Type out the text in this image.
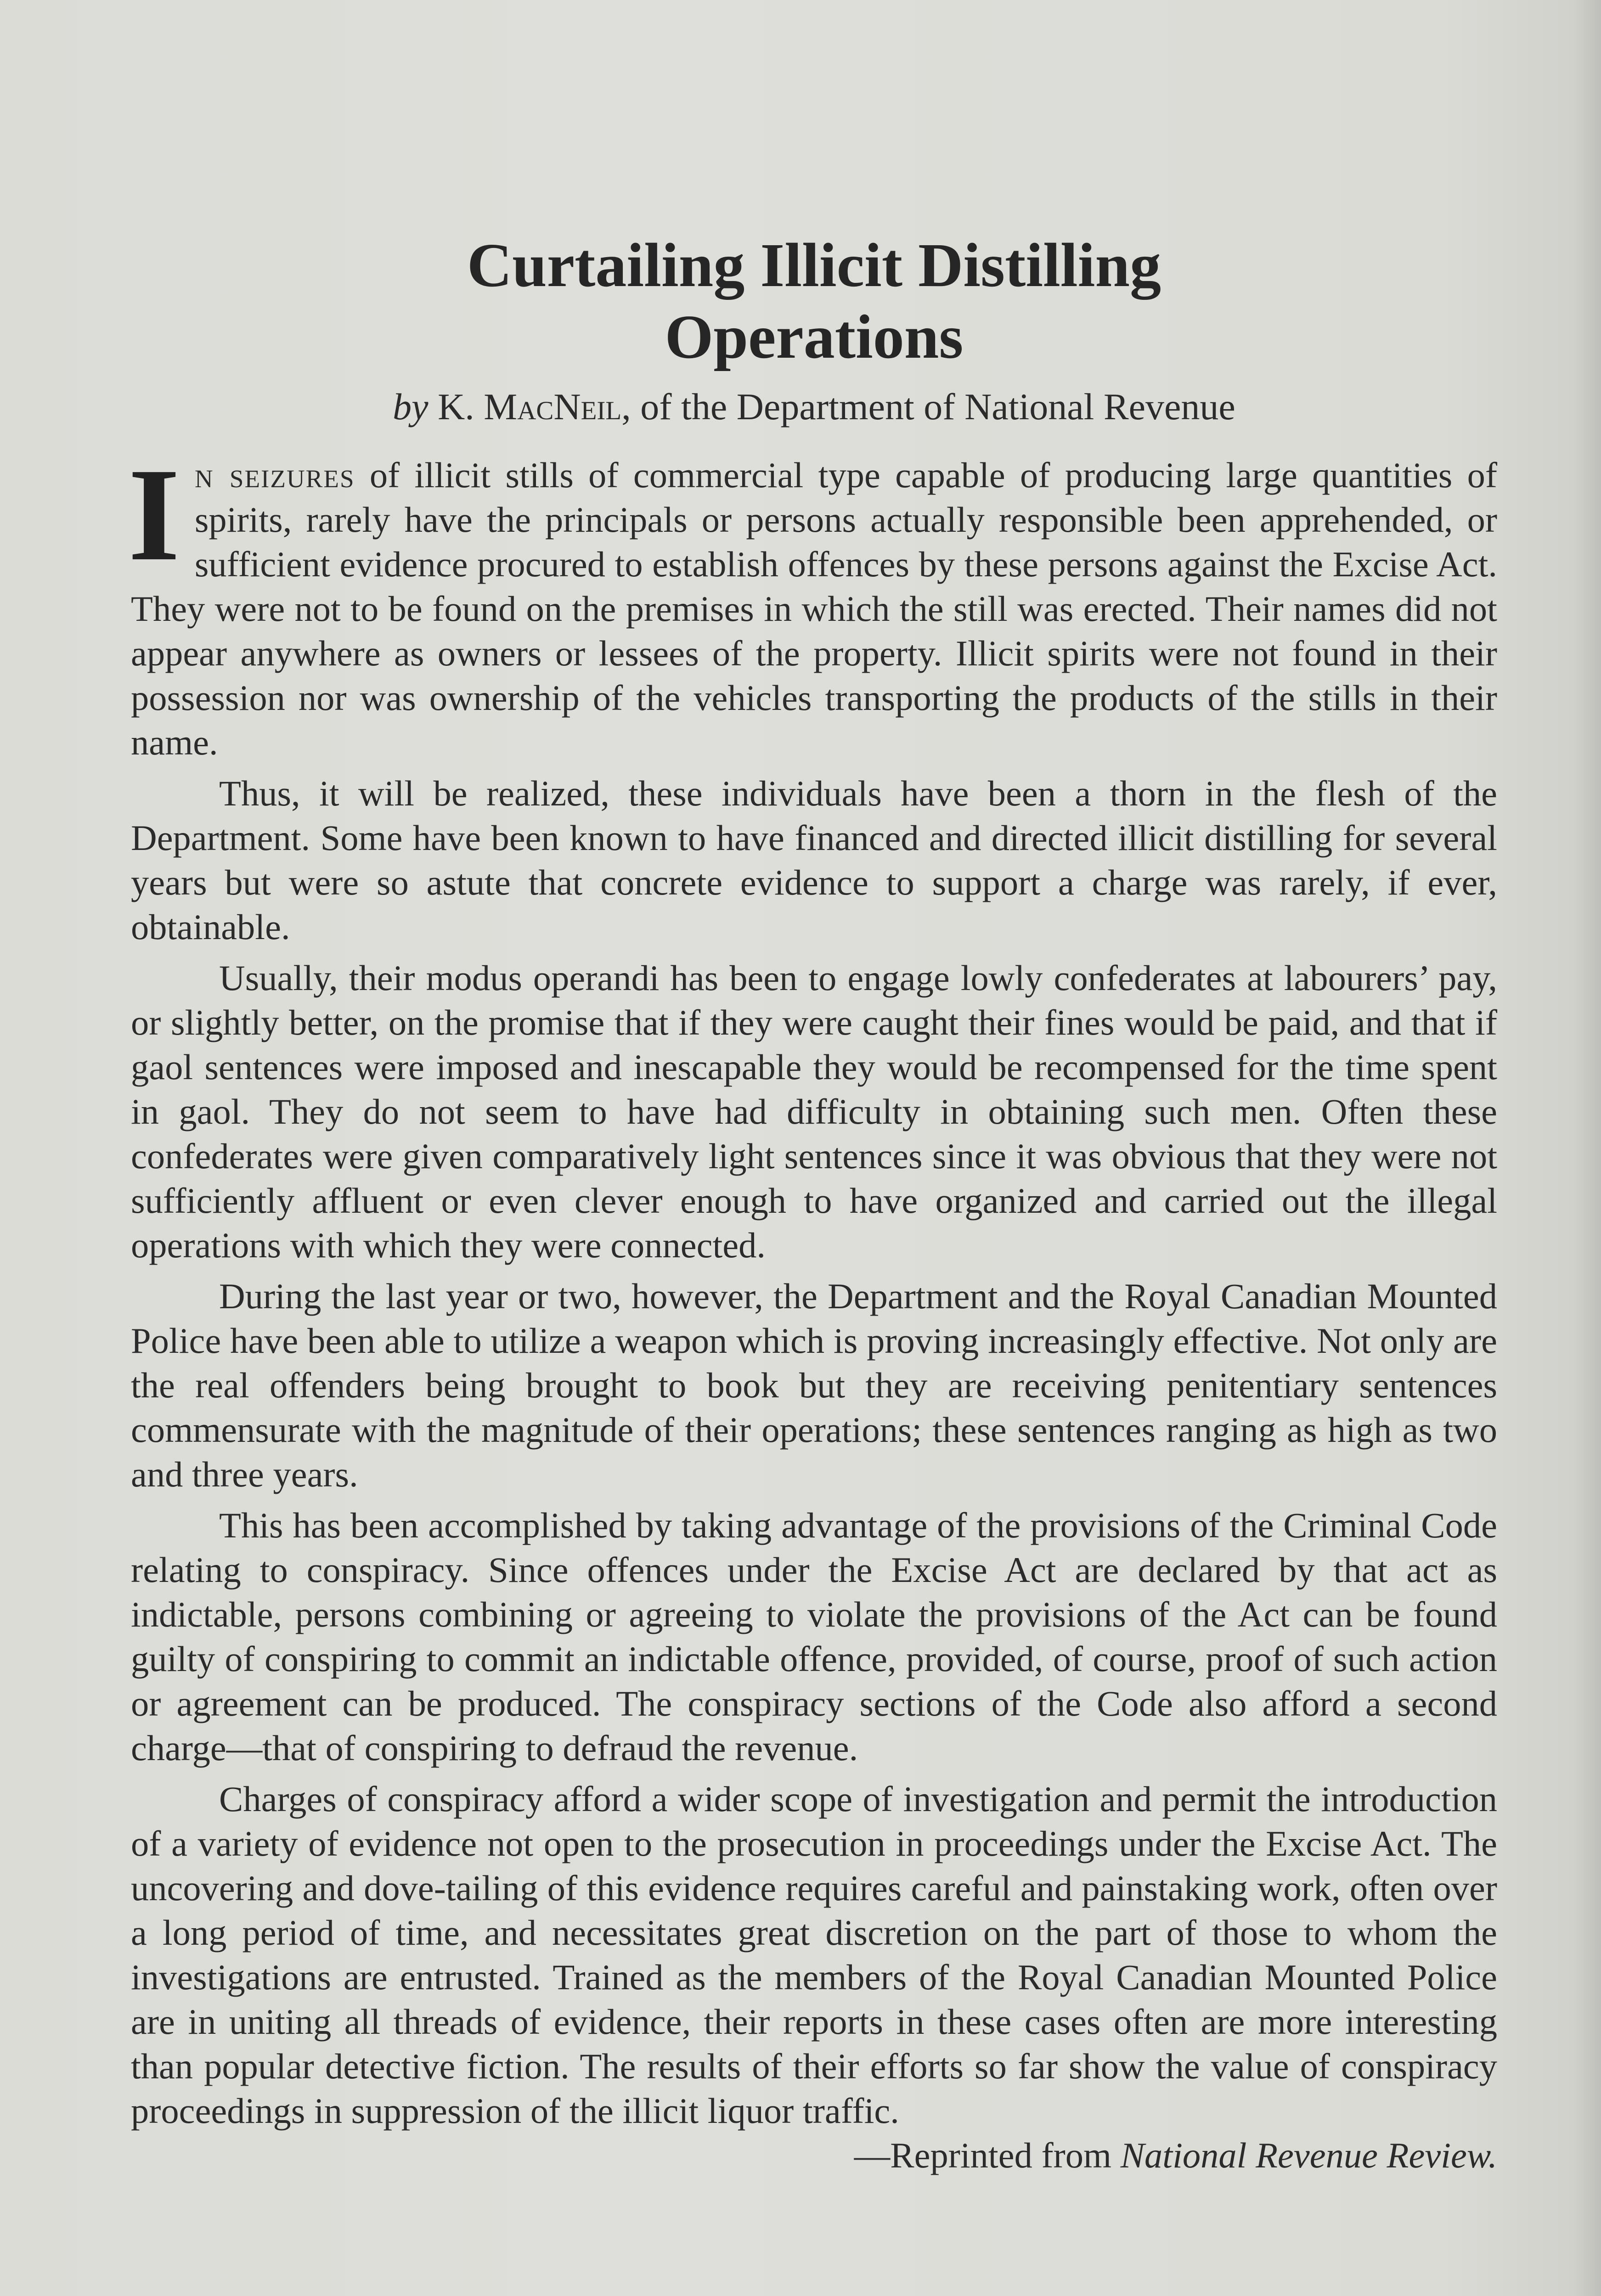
Curtailing Illicit Distilling
Operations
by K. MacNeil, of the Department of National Revenue

In seizures of illicit stills of commercial type capable of producing large quantities of spirits, rarely have the principals or persons actually responsible been apprehended, or sufficient evidence procured to establish offences by these persons against the Excise Act. They were not to be found on the premises in which the still was erected. Their names did not appear anywhere as owners or lessees of the property. Illicit spirits were not found in their possession nor was ownership of the vehicles transporting the products of the stills in their name.

Thus, it will be realized, these individuals have been a thorn in the flesh of the Department. Some have been known to have financed and directed illicit distilling for several years but were so astute that concrete evidence to support a charge was rarely, if ever, obtainable.

Usually, their modus operandi has been to engage lowly confederates at labourers’ pay, or slightly better, on the promise that if they were caught their fines would be paid, and that if gaol sentences were imposed and inescapable they would be recompensed for the time spent in gaol. They do not seem to have had difficulty in obtaining such men. Often these confederates were given comparatively light sentences since it was obvious that they were not sufficiently affluent or even clever enough to have organized and carried out the illegal operations with which they were connected.

During the last year or two, however, the Department and the Royal Canadian Mounted Police have been able to utilize a weapon which is proving increasingly effective. Not only are the real offenders being brought to book but they are receiving penitentiary sentences commensurate with the magnitude of their operations; these sentences ranging as high as two and three years.

This has been accomplished by taking advantage of the provisions of the Criminal Code relating to conspiracy. Since offences under the Excise Act are declared by that act as indictable, persons combining or agreeing to violate the provisions of the Act can be found guilty of conspiring to commit an indictable offence, provided, of course, proof of such action or agreement can be produced. The conspiracy sections of the Code also afford a second charge—that of conspiring to defraud the revenue.

Charges of conspiracy afford a wider scope of investigation and permit the introduction of a variety of evidence not open to the prosecution in proceedings under the Excise Act. The uncovering and dove-tailing of this evidence requires careful and painstaking work, often over a long period of time, and necessitates great discretion on the part of those to whom the investigations are entrusted. Trained as the members of the Royal Canadian Mounted Police are in uniting all threads of evidence, their reports in these cases often are more interesting than popular detective fiction. The results of their efforts so far show the value of conspiracy proceedings in suppression of the illicit liquor traffic.
—Reprinted from National Revenue Review.
